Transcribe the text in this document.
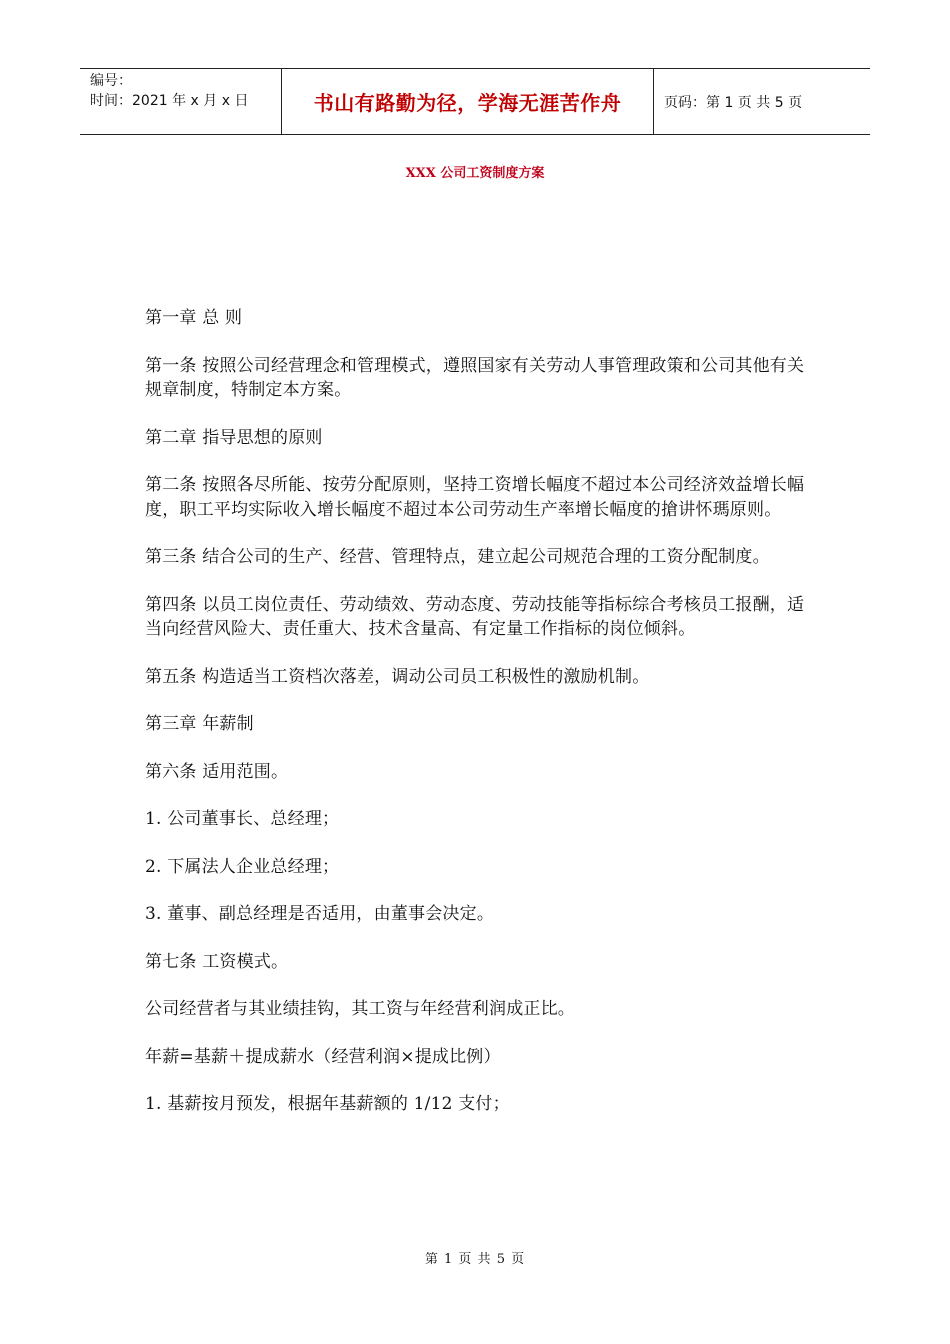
编号：
时间：2021 年 x 月 x 日	书山有路勤为径，学海无涯苦作舟	页码：第 1 页 共 5 页
XXX 公司工资制度方案

第一章 总 则

第一条 按照公司经营理念和管理模式，遵照国家有关劳动人事管理政策和公司其他有关规章制度，特制定本方案。

第二章 指导思想的原则

第二条 按照各尽所能、按劳分配原则，坚持工资增长幅度不超过本公司经济效益增长幅度，职工平均实际收入增长幅度不超过本公司劳动生产率增长幅度的搶讲怀瑪原则。

第三条 结合公司的生产、经营、管理特点，建立起公司规范合理的工资分配制度。

第四条 以员工岗位责任、劳动绩效、劳动态度、劳动技能等指标综合考核员工报酬，适当向经营风险大、责任重大、技术含量高、有定量工作指标的岗位倾斜。

第五条 构造适当工资档次落差，调动公司员工积极性的激励机制。

第三章 年薪制

第六条 适用范围。

1. 公司董事长、总经理；

2. 下属法人企业总经理；

3. 董事、副总经理是否适用，由董事会决定。

第七条 工资模式。

公司经营者与其业绩挂钩，其工资与年经营利润成正比。

年薪=基薪＋提成薪水（经营利润×提成比例）

1. 基薪按月预发，根据年基薪额的 1/12 支付；

第 1 页 共 5 页
